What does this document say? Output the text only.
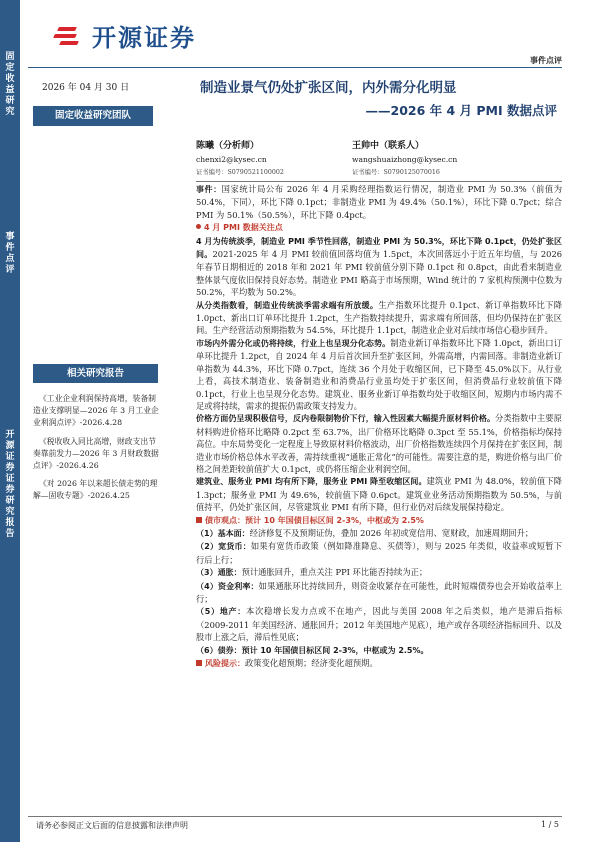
固定收益研究
事件点评
开源证券 证券研究报告
开源证券
事件点评
2026 年 04 月 30 日
固定收益研究团队
制造业景气仍处扩张区间，内外需分化明显
——2026 年 4 月 PMI 数据点评
陈曦（分析师）
chenxi2@kysec.cn
证书编号：S0790521100002
王帅中（联系人）
wangshuaizhong@kysec.cn
证书编号：S0790125070016
相关研究报告

《工业企业利润保持高增，装备制造业支撑明显—2026 年 3 月工业企业利润点评》-2026.4.28

《税收收入同比高增，财政支出节奏靠前发力—2026 年 3 月财政数据点评》-2026.4.26

《对 2026 年以来超长债走势的理解—固收专题》-2026.4.25

事件：国家统计局公布 2026 年 4 月采购经理指数运行情况，制造业 PMI 为 50.3%（前值为 50.4%，下同），环比下降 0.1pct；非制造业 PMI 为 49.4%（50.1%），环比下降 0.7pct；综合 PMI 为 50.1%（50.5%），环比下降 0.4pct。

4 月 PMI 数据关注点

4 月为传统淡季，制造业 PMI 季节性回落，制造业 PMI 为 50.3%，环比下降 0.1pct，仍处扩张区间。2021-2025 年 4 月 PMI 较前值回落均值为 1.5pct，本次回落远小于近五年均值，与 2026 年春节日期相近的 2018 年和 2021 年 PMI 较前值分别下降 0.1pct 和 0.8pct，由此看来制造业整体景气度依旧保持良好态势。制造业 PMI 略高于市场预期，Wind 统计的 7 家机构预测中位数为 50.2%，平均数为 50.2%。

从分类指数看，制造业传统淡季需求端有所放缓。生产指数环比提升 0.1pct、新订单指数环比下降 1.0pct、新出口订单环比提升 1.2pct，生产指数持续提升，需求端有所回落，但均仍保持在扩张区间。生产经营活动预期指数为 54.5%，环比提升 1.1pct，制造业企业对后续市场信心稳步回升。

市场内外需分化或仍将持续，行业上也呈现分化态势。制造业新订单指数环比下降 1.0pct，新出口订单环比提升 1.2pct，自 2024 年 4 月后首次回升至扩张区间，外需高增，内需回落。非制造业新订单指数为 44.3%，环比下降 0.7pct，连续 36 个月处于收缩区间，已下降至 45.0%以下。从行业上看，高技术制造业、装备制造业和消费品行业虽均处于扩张区间，但消费品行业较前值下降 0.1pct，行业上也呈现分化态势。建筑业、服务业新订单指数均处于收缩区间，短期内市场内需不足或将持续，需求的提振仍需政策支持发力。

价格方面仍呈现积极信号，反内卷限制物价下行，输入性因素大幅提升原材料价格。分类指数中主要原材料购进价格环比略降 0.2pct 至 63.7%，出厂价格环比略降 0.3pct 至 55.1%，价格指标均保持高位。中东局势变化一定程度上导致原材料价格波动，出厂价格指数连续四个月保持在扩张区间，制造业市场价格总体水平改善，需持续重视“通胀正常化”的可能性。需要注意的是，购进价格与出厂价格之间差距较前值扩大 0.1pct，或仍将压缩企业利润空间。

建筑业、服务业 PMI 均有所下降，服务业 PMI 降至收缩区间。建筑业 PMI 为 48.0%，较前值下降 1.3pct；服务业 PMI 为 49.6%，较前值下降 0.6pct。建筑业业务活动预期指数为 50.5%，与前值持平，仍处扩张区间，尽管建筑业 PMI 有所下降，但行业仍对后续发展保持稳定。

债市观点：预计 10 年国债目标区间 2-3%，中枢或为 2.5%

（1）基本面：经济修复不及预期证伪，叠加 2026 年初或宽信用、宽财政，加速周期回升；

（2）宽货币：如果有宽货币政策（例如降准降息、买债等），则与 2025 年类似，收益率或短暂下行后上行；

（3）通胀：预计通胀回升，重点关注 PPI 环比能否持续为正；

（4）资金利率：如果通胀环比持续回升，则资金收紧存在可能性，此时短端债券也会开始收益率上行；

（5）地产：本次稳增长发力点或不在地产，因此与美国 2008 年之后类似，地产是滞后指标（2009-2011 年美国经济、通胀回升；2012 年美国地产见底），地产或存各项经济指标回升、以及股市上涨之后，滞后性见底；

（6）债券：预计 10 年国债目标区间 2-3%，中枢或为 2.5%。

风险提示：政策变化超预期；经济变化超预期。

请务必参阅正文后面的信息披露和法律声明	1 / 5
